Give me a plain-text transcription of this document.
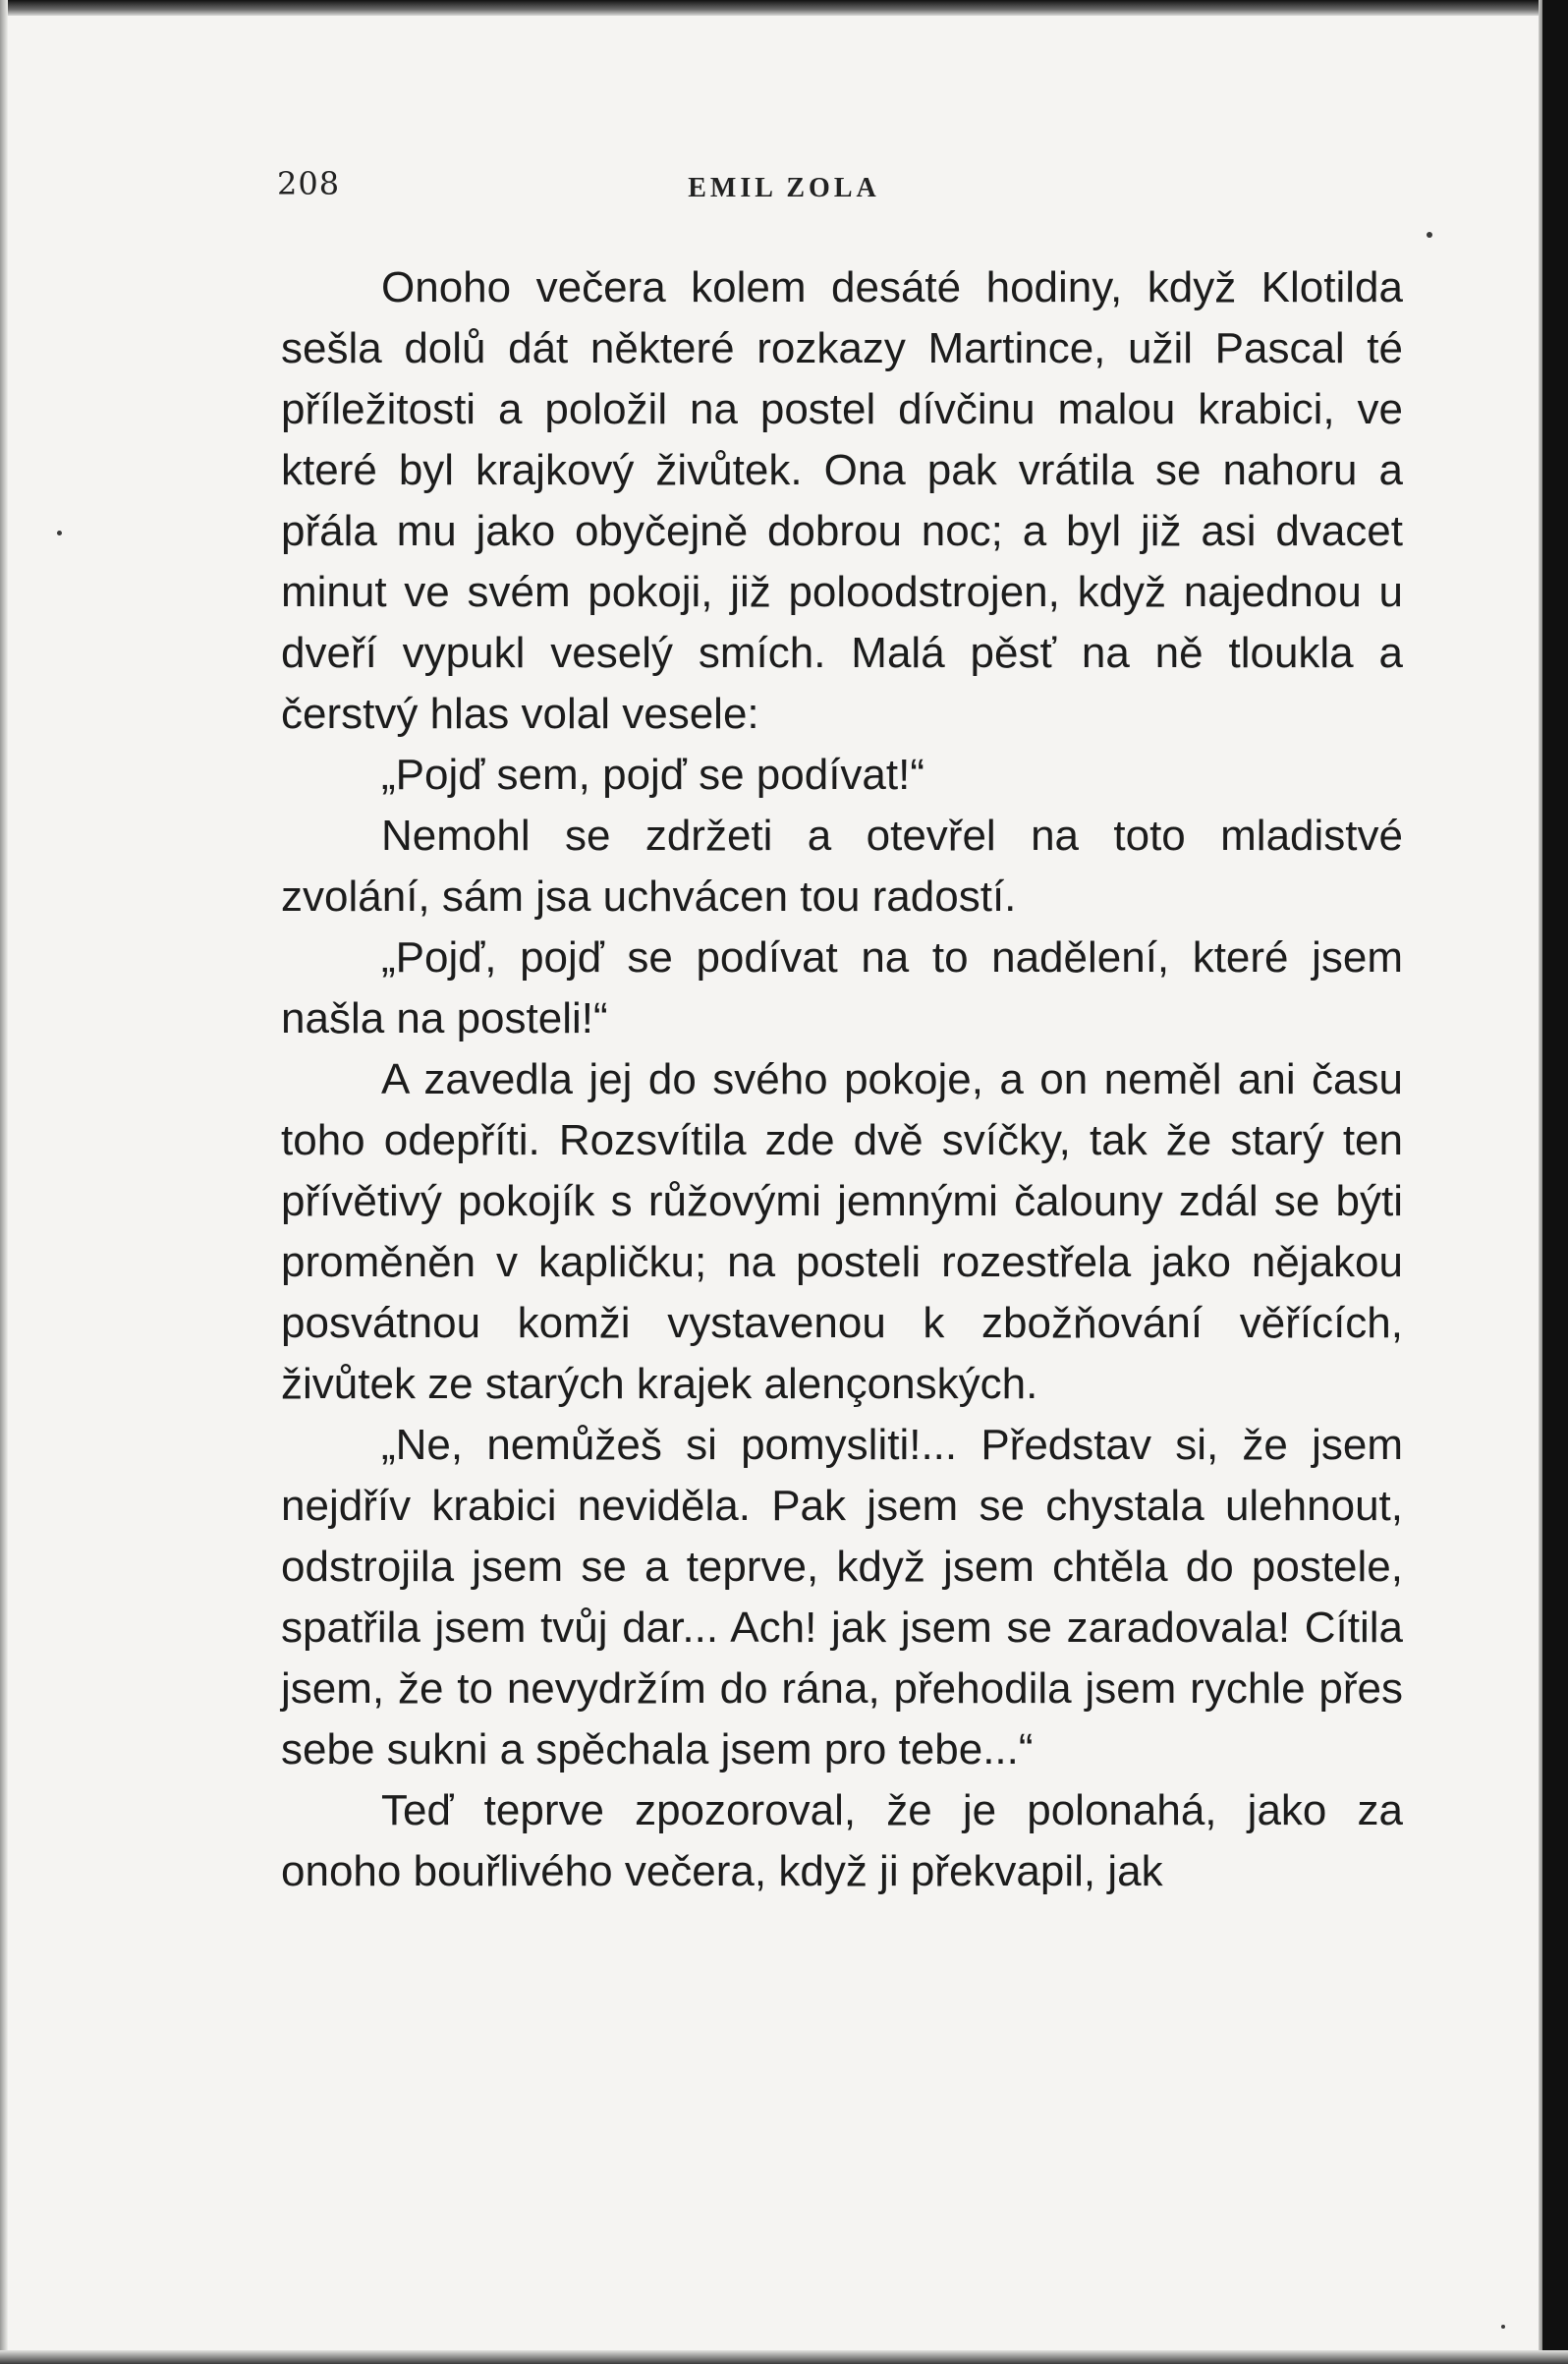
208	EMIL ZOLA

Onoho večera kolem desáté hodiny, když Klotilda sešla dolů dát některé rozkazy Martince, užil Pascal té příležitosti a položil na postel dívčinu malou krabici, ve které byl krajkový živůtek. Ona pak vrátila se nahoru a přála mu jako obyčejně dobrou noc; a byl již asi dvacet minut ve svém pokoji, již poloodstrojen, když najednou u dveří vypukl veselý smích. Malá pěsť na ně tloukla a čerstvý hlas volal vesele:

„Pojď sem, pojď se podívat!“

Nemohl se zdržeti a otevřel na toto mladistvé zvolání, sám jsa uchvácen tou radostí.

„Pojď, pojď se podívat na to nadělení, které jsem našla na posteli!“

A zavedla jej do svého pokoje, a on neměl ani času toho odepříti. Rozsvítila zde dvě svíčky, tak že starý ten přívětivý pokojík s růžovými jemnými čalouny zdál se býti proměněn v kapličku; na posteli rozestřela jako nějakou posvátnou komži vystavenou k zbožňování věřících, živůtek ze starých krajek alençonských.

„Ne, nemůžeš si pomysliti!... Představ si, že jsem nejdřív krabici neviděla. Pak jsem se chystala ulehnout, odstrojila jsem se a teprve, když jsem chtěla do postele, spatřila jsem tvůj dar... Ach! jak jsem se zaradovala! Cítila jsem, že to nevydržím do rána, přehodila jsem rychle přes sebe sukni a spěchala jsem pro tebe...“

Teď teprve zpozoroval, že je polonahá, jako za onoho bouřlivého večera, když ji překvapil, jak
